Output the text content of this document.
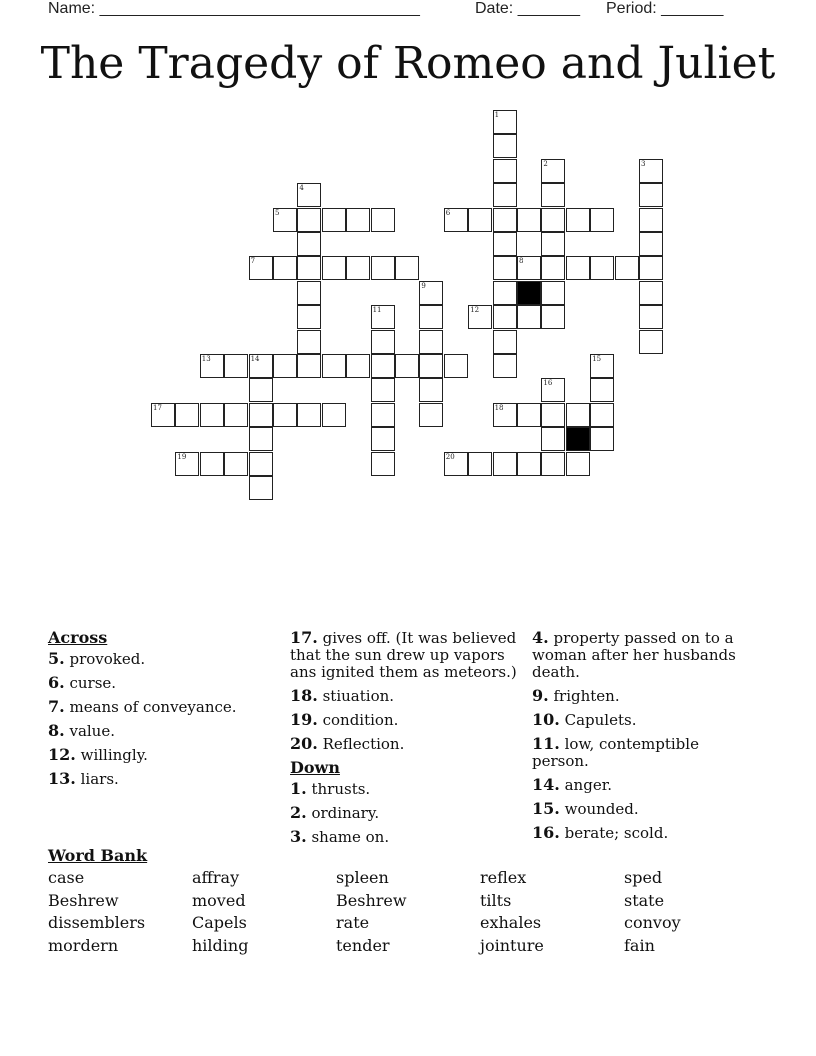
Name: ____________________________________	Date: _______ Period: _______
The Tragedy of Romeo and Juliet
5	6
7	8
12
13	14
17	18
19	20
1
2	3
4
9
11
15
16
Across
5. provoked.
6. curse.
7. means of conveyance.
8. value.
12. willingly.
13. liars.
17. gives off. (It was believed that the sun drew up vapors ans ignited them as meteors.)
18. stiuation.
19. condition.
20. Reflection.
Down
1. thrusts.
2. ordinary.
3. shame on.
4. property passed on to a woman after her husbands death.
9. frighten.
10. Capulets.
11. low, contemptible person.
14. anger.
15. wounded.
16. berate; scold.
Word Bank
case	affray	spleen	reflex	sped
Beshrew	moved	Beshrew	tilts	state
dissemblers	Capels	rate	exhales	convoy
mordern	hilding	tender	jointure	fain
